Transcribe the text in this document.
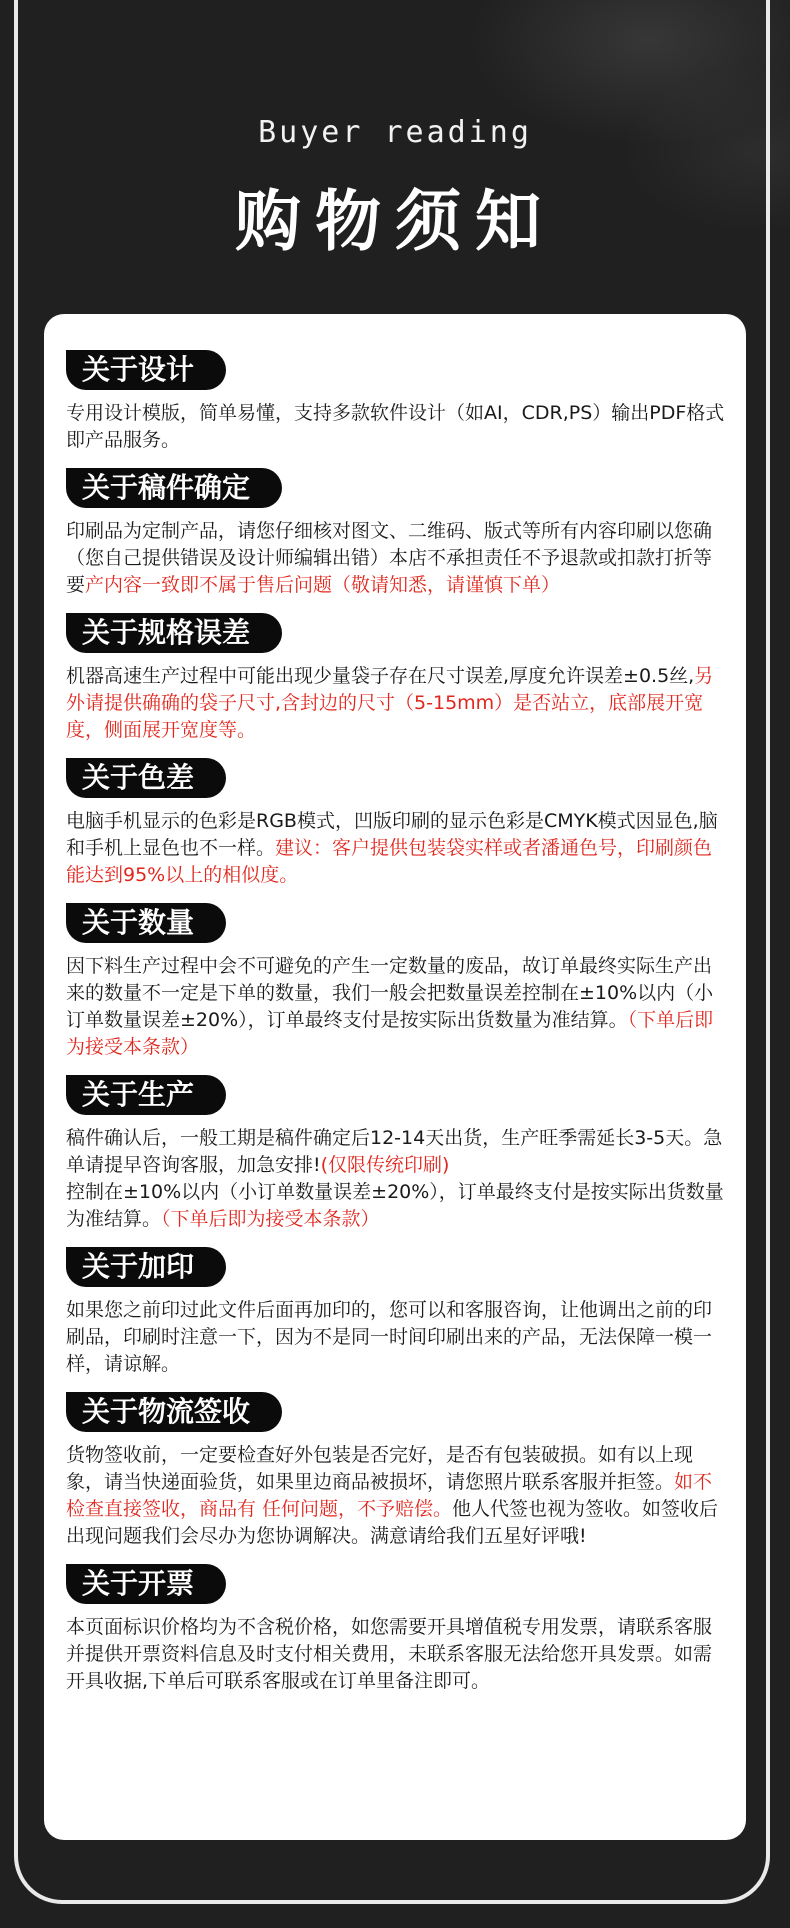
Buyer reading
购物须知
关于设计

专用设计模版，简单易懂，支持多款软件设计（如AI，CDR,PS）输出PDF格式即产品服务。

关于稿件确定

印刷品为定制产品，请您仔细核对图文、二维码、版式等所有内容印刷以您确（您自己提供错误及设计师编辑出错）本店不承担责任不予退款或扣款打折等要产内容一致即不属于售后问题（敬请知悉，请谨慎下单）

关于规格误差

机器高速生产过程中可能出现少量袋子存在尺寸误差,厚度允许误差±0.5丝,另外请提供确确的袋子尺寸,含封边的尺寸（5-15mm）是否站立，底部展开宽度，侧面展开宽度等。

关于色差

电脑手机显示的色彩是RGB模式，凹版印刷的显示色彩是CMYK模式因显色,脑和手机上显色也不一样。建议：客户提供包装袋实样或者潘通色号，印刷颜色能达到95%以上的相似度。

关于数量

因下料生产过程中会不可避免的产生一定数量的废品，故订单最终实际生产出来的数量不一定是下单的数量，我们一般会把数量误差控制在±10%以内（小订单数量误差±20%），订单最终支付是按实际出货数量为准结算。（下单后即为接受本条款）

关于生产

稿件确认后，一般工期是稿件确定后12-14天出货，生产旺季需延长3-5天。急单请提早咨询客服，加急安排!(仅限传统印刷)
控制在±10%以内（小订单数量误差±20%），订单最终支付是按实际出货数量为准结算。（下单后即为接受本条款）

关于加印

如果您之前印过此文件后面再加印的，您可以和客服咨询，让他调出之前的印刷品，印刷时注意一下，因为不是同一时间印刷出来的产品，无法保障一模一样，请谅解。

关于物流签收

货物签收前，一定要检查好外包装是否完好，是否有包装破损。如有以上现象，请当快递面验货，如果里边商品被损坏，请您照片联系客服并拒签。如不检查直接签收，商品有 任何问题，不予赔偿。他人代签也视为签收。如签收后出现问题我们会尽办为您协调解决。满意请给我们五星好评哦!

关于开票

本页面标识价格均为不含税价格，如您需要开具增值税专用发票，请联系客服并提供开票资料信息及时支付相关费用，未联系客服无法给您开具发票。如需开具收据,下单后可联系客服或在订单里备注即可。
